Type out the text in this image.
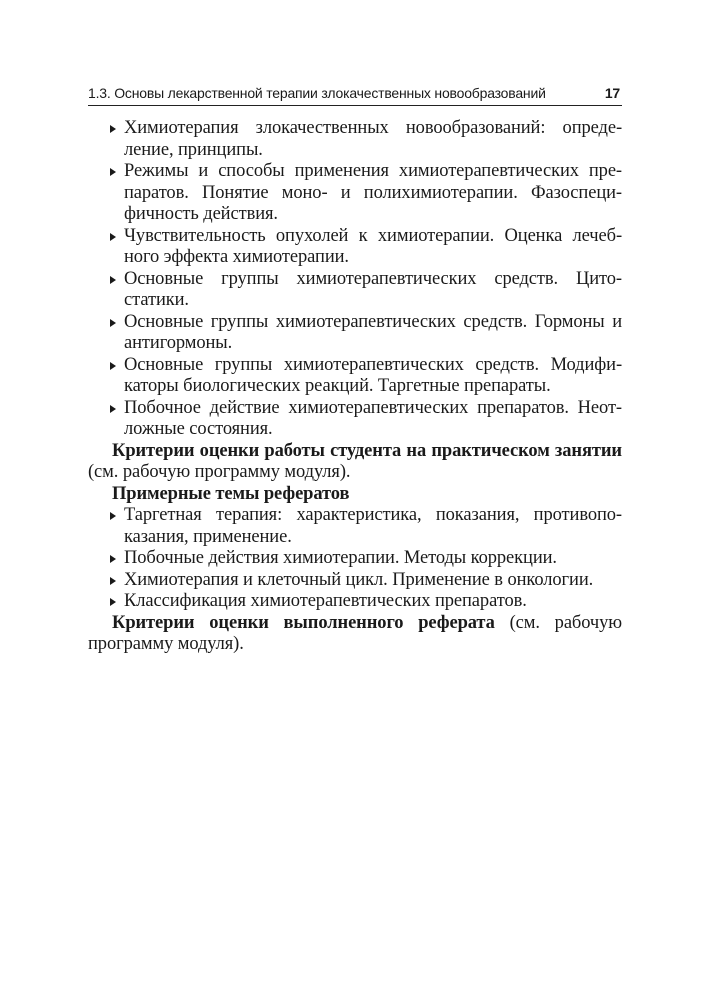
1.3. Основы лекарственной терапии злокачественных новообразований	17
Химиотерапия злокачественных новообразований: опреде-ление, принципы.
Режимы и способы применения химиотерапевтических пре-паратов. Понятие моно- и полихимиотерапии. Фазоспеци-фичность действия.
Чувствительность опухолей к химиотерапии. Оценка лечеб-ного эффекта химиотерапии.
Основные группы химиотерапевтических средств. Цито-статики.
Основные группы химиотерапевтических средств. Гормоны и антигормоны.
Основные группы химиотерапевтических средств. Модифи-каторы биологических реакций. Таргетные препараты.
Побочное действие химиотерапевтических препаратов. Неот-ложные состояния.

Критерии оценки работы студента на практическом занятии (см. рабочую программу модуля).

Примерные темы рефератов

Таргетная терапия: характеристика, показания, противопо-казания, применение.
Побочные действия химиотерапии. Методы коррекции.
Химиотерапия и клеточный цикл. Применение в онкологии.
Классификация химиотерапевтических препаратов.

Критерии оценки выполненного реферата (см. рабочую программу модуля).
